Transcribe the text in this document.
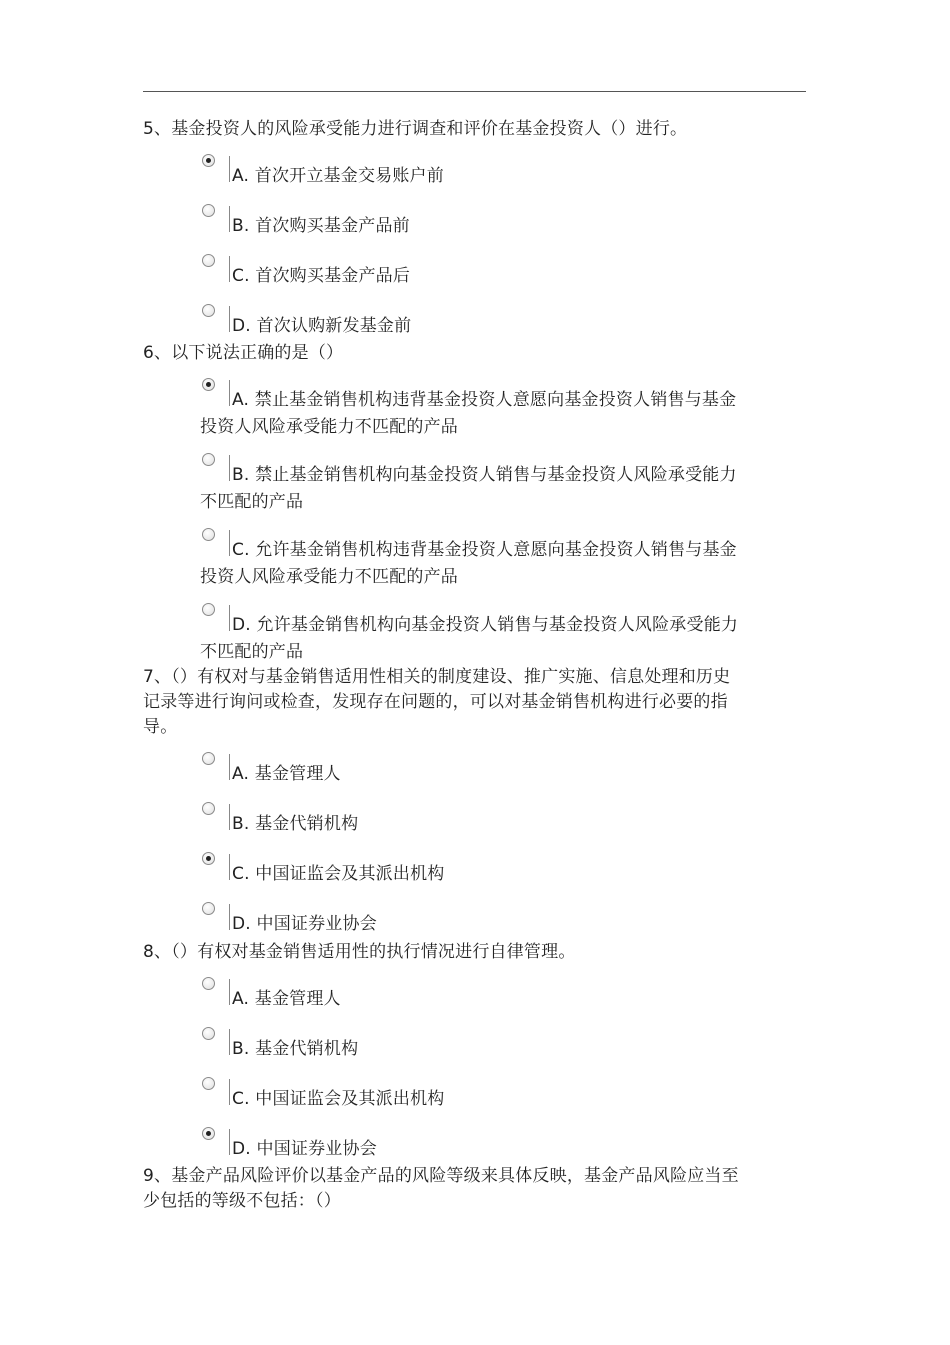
5、基金投资人的风险承受能力进行调查和评价在基金投资人（）进行。
A. 首次开立基金交易账户前
B. 首次购买基金产品前
C. 首次购买基金产品后
D. 首次认购新发基金前
6、以下说法正确的是（）
A. 禁止基金销售机构违背基金投资人意愿向基金投资人销售与基金
投资人风险承受能力不匹配的产品
B. 禁止基金销售机构向基金投资人销售与基金投资人风险承受能力
不匹配的产品
C. 允许基金销售机构违背基金投资人意愿向基金投资人销售与基金
投资人风险承受能力不匹配的产品
D. 允许基金销售机构向基金投资人销售与基金投资人风险承受能力
不匹配的产品
7、（）有权对与基金销售适用性相关的制度建设、推广实施、信息处理和历史
记录等进行询问或检查，发现存在问题的，可以对基金销售机构进行必要的指
导。
A. 基金管理人
B. 基金代销机构
C. 中国证监会及其派出机构
D. 中国证券业协会
8、（）有权对基金销售适用性的执行情况进行自律管理。
A. 基金管理人
B. 基金代销机构
C. 中国证监会及其派出机构
D. 中国证券业协会
9、基金产品风险评价以基金产品的风险等级来具体反映，基金产品风险应当至
少包括的等级不包括：（）
